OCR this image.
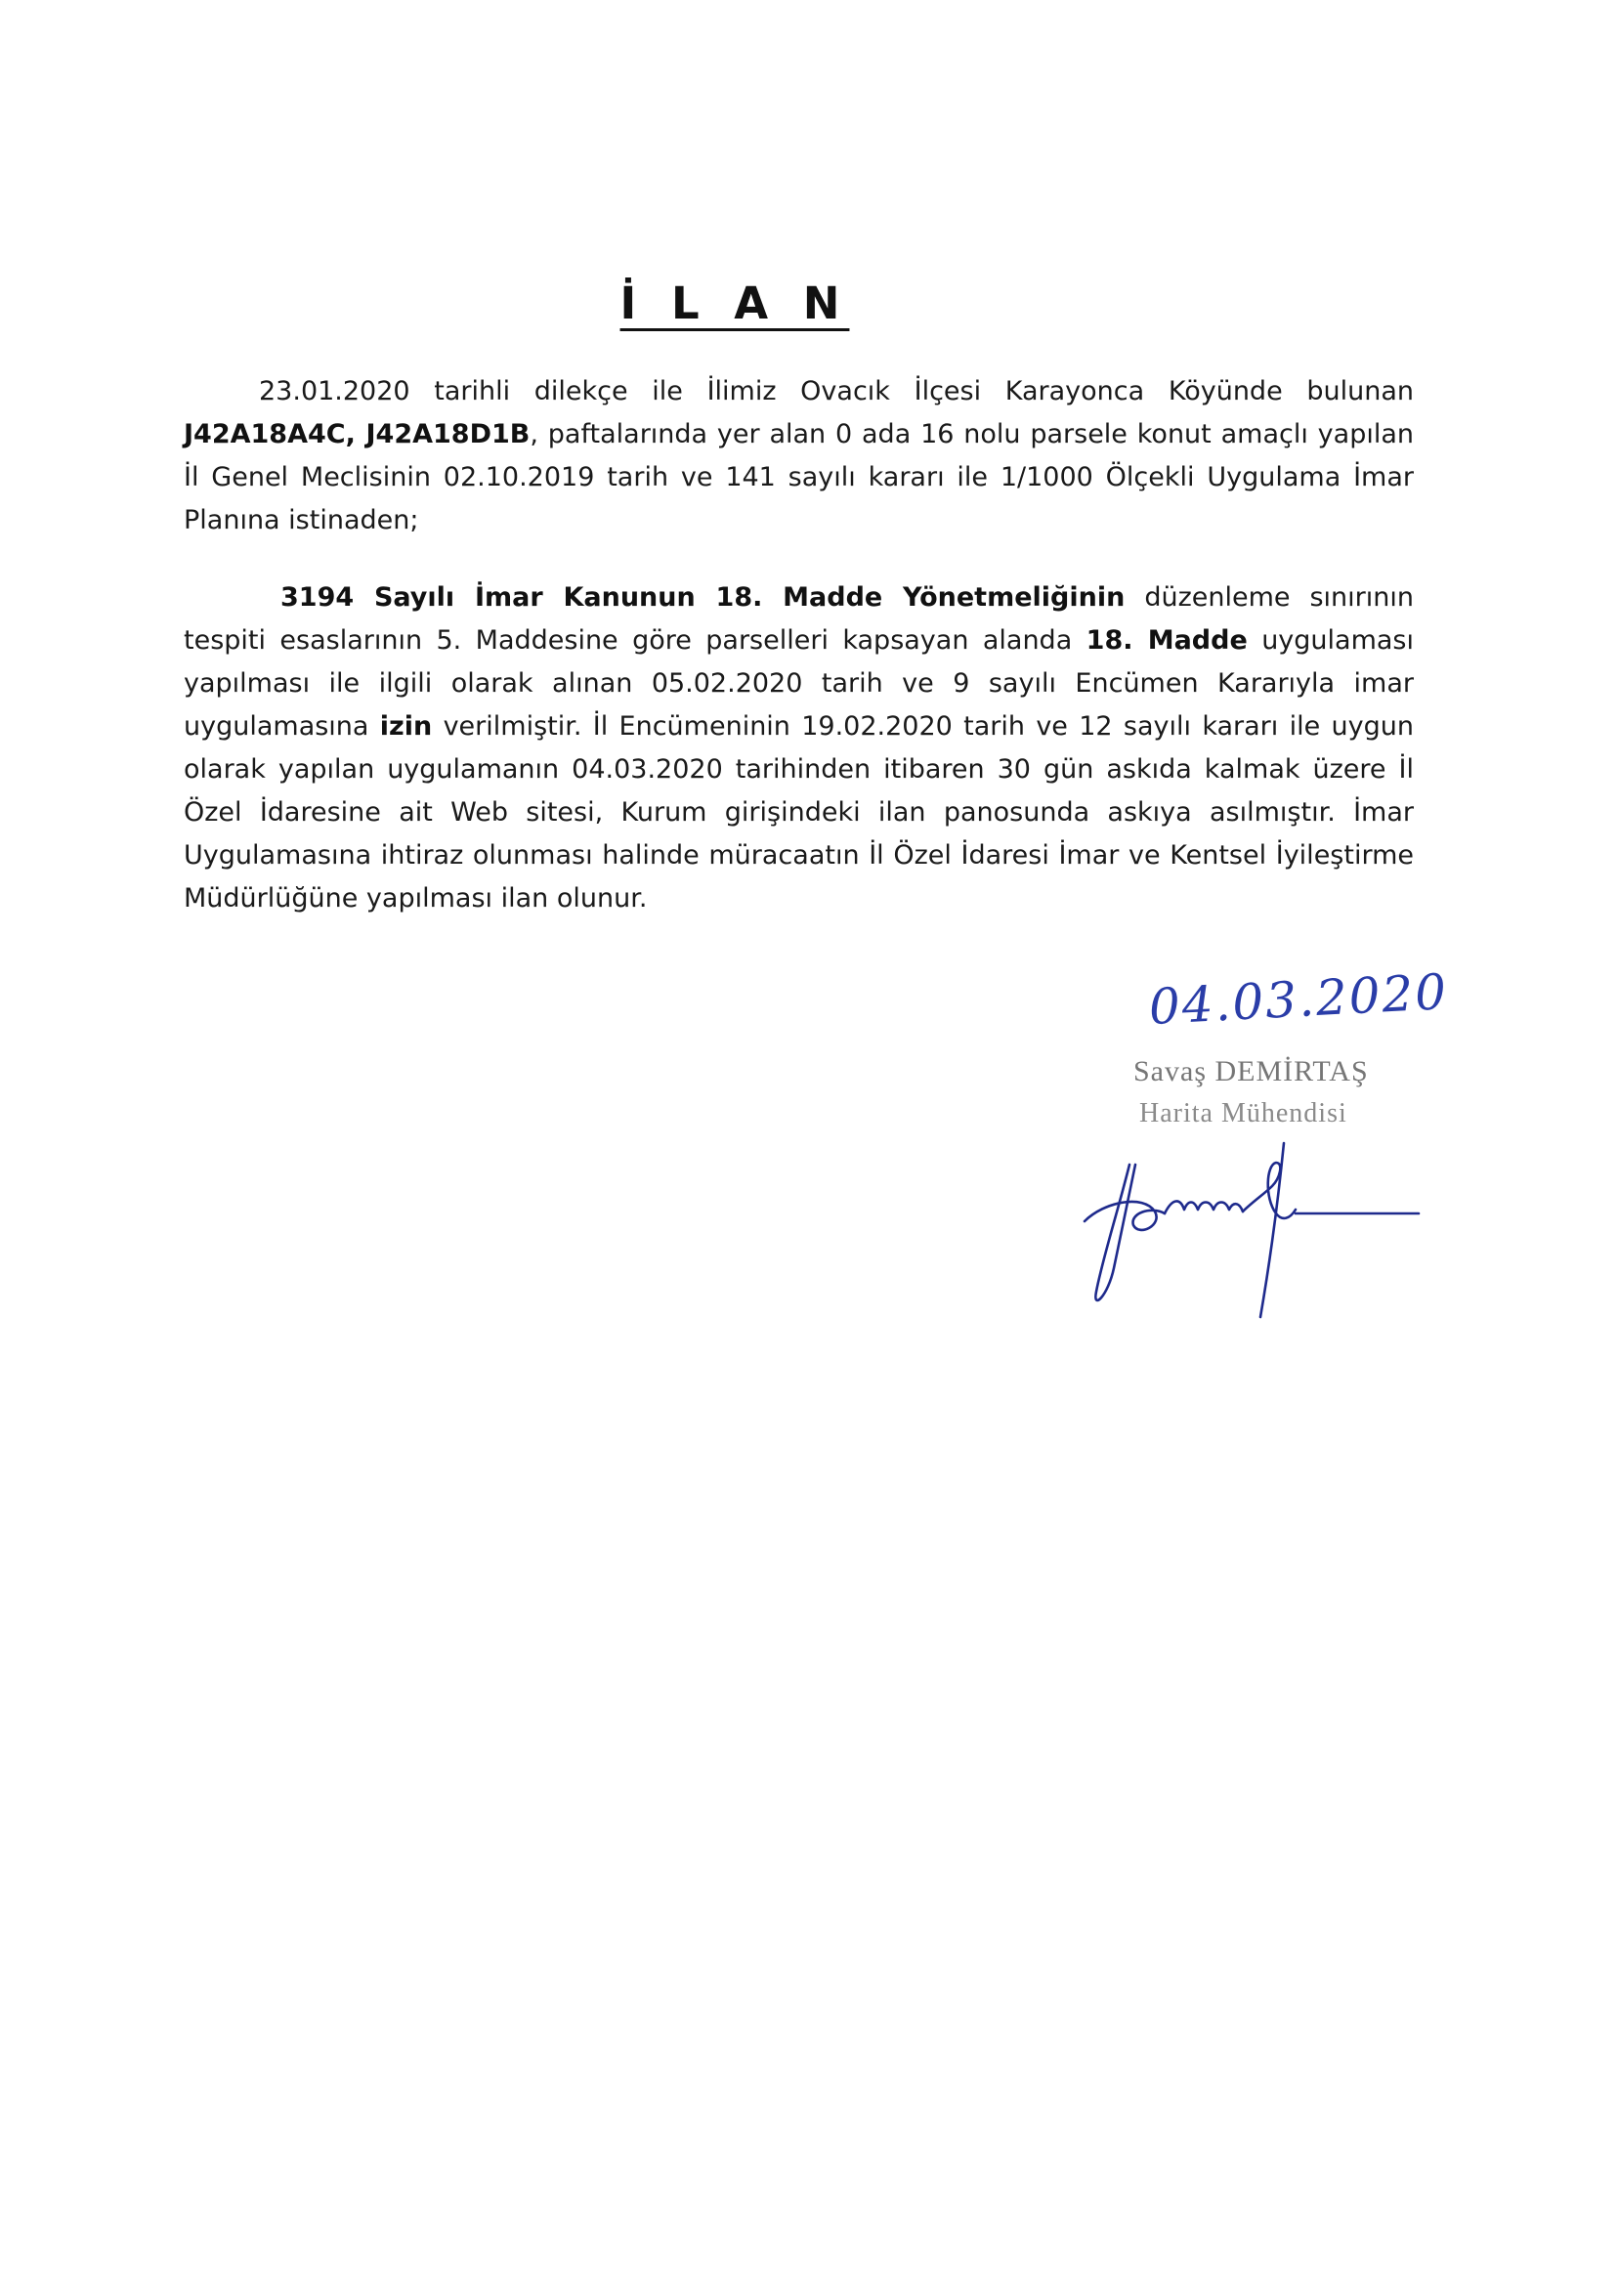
İ L A N

23.01.2020 tarihli dilekçe ile İlimiz Ovacık İlçesi Karayonca Köyünde bulunan J42A18A4C, J42A18D1B, paftalarında yer alan 0 ada 16 nolu parsele konut amaçlı yapılan İl Genel Meclisinin 02.10.2019 tarih ve 141 sayılı kararı ile 1/1000 Ölçekli Uygulama İmar Planına istinaden;

3194 Sayılı İmar Kanunun 18. Madde Yönetmeliğinin düzenleme sınırının tespiti esaslarının 5. Maddesine göre parselleri kapsayan alanda 18. Madde uygulaması yapılması ile ilgili olarak alınan 05.02.2020 tarih ve 9 sayılı Encümen Kararıyla imar uygulamasına izin verilmiştir. İl Encümeninin 19.02.2020 tarih ve 12 sayılı kararı ile uygun olarak yapılan uygulamanın 04.03.2020 tarihinden itibaren 30 gün askıda kalmak üzere İl Özel İdaresine ait Web sitesi, Kurum girişindeki ilan panosunda askıya asılmıştır. İmar Uygulamasına ihtiraz olunması halinde müracaatın İl Özel İdaresi İmar ve Kentsel İyileştirme Müdürlüğüne yapılması ilan olunur.

04.03.2020
Savaş DEMİRTAŞ
Harita Mühendisi
